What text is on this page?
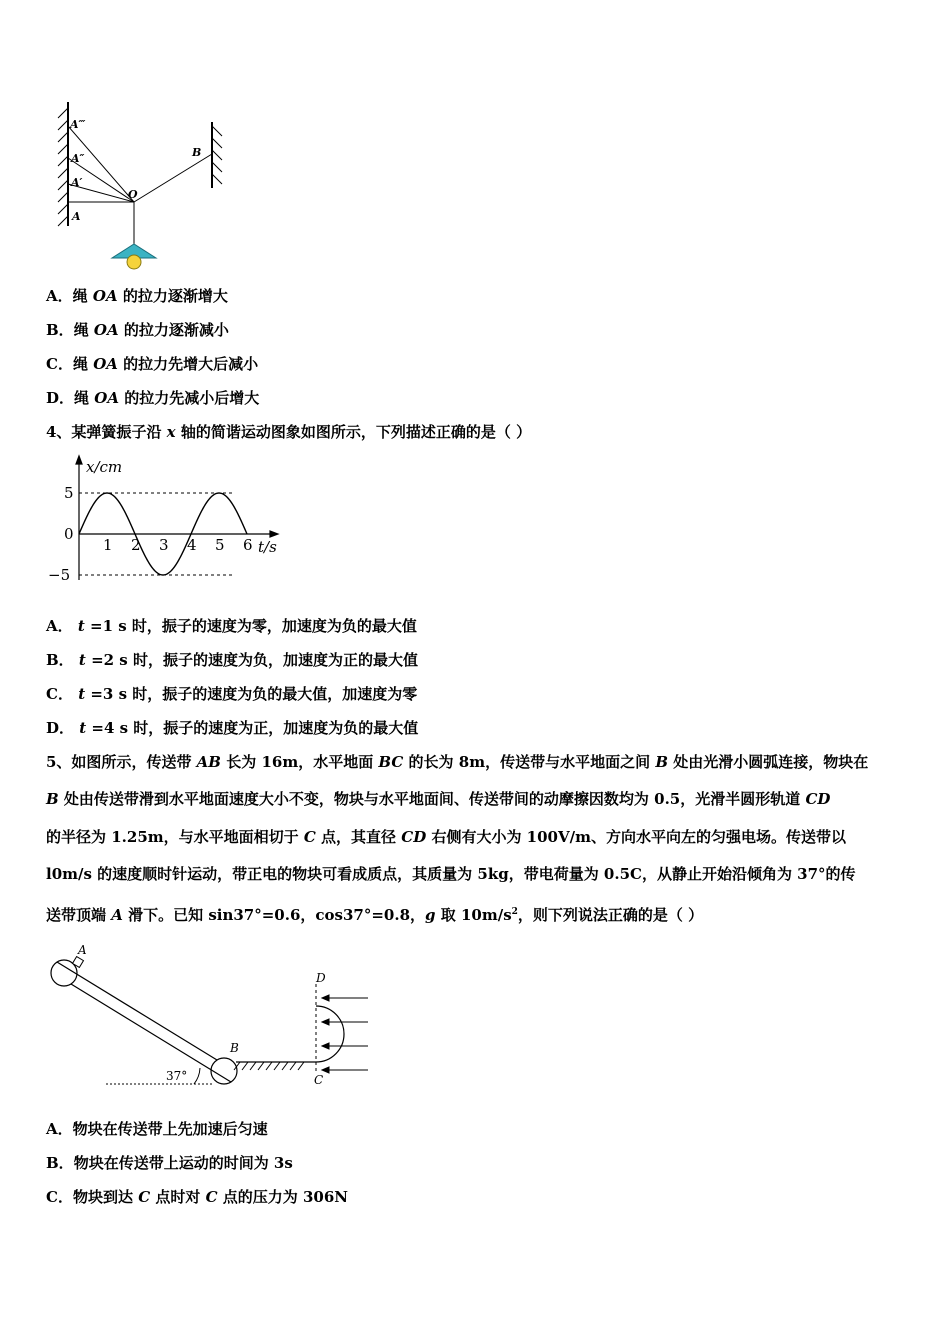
A‴
A″
A′
A
O
B
A．绳 OA 的拉力逐渐增大
B．绳 OA 的拉力逐渐减小
C．绳 OA 的拉力先增大后减小
D．绳 OA 的拉力先减小后增大
4、某弹簧振子沿 x 轴的简谐运动图象如图所示，下列描述正确的是（ ）
1 2 3 4 5 6
5
0
−5
x/cm
t/s
A． t =1 s 时，振子的速度为零，加速度为负的最大值
B． t =2 s 时，振子的速度为负，加速度为正的最大值
C． t =3 s 时，振子的速度为负的最大值，加速度为零
D． t =4 s 时，振子的速度为正，加速度为负的最大值
5、如图所示，传送带 AB 长为 16m，水平地面 BC 的长为 8m，传送带与水平地面之间 B 处由光滑小圆弧连接，物块在
B 处由传送带滑到水平地面速度大小不变，物块与水平地面间、传送带间的动摩擦因数均为 0.5，光滑半圆形轨道 CD
的半径为 1.25m，与水平地面相切于 C 点，其直径 CD 右侧有大小为 100V/m、方向水平向左的匀强电场。传送带以
l0m/s 的速度顺时针运动，带正电的物块可看成质点，其质量为 5kg，带电荷量为 0.5C，从静止开始沿倾角为 37°的传
送带顶端 A 滑下。已知 sin37°=0.6，cos37°=0.8，g 取 $10m/s^2$，则下列说法正确的是（ ）
A
B
C
D
37°
A．物块在传送带上先加速后匀速
B．物块在传送带上运动的时间为 3s
C．物块到达 C 点时对 C 点的压力为 306N
